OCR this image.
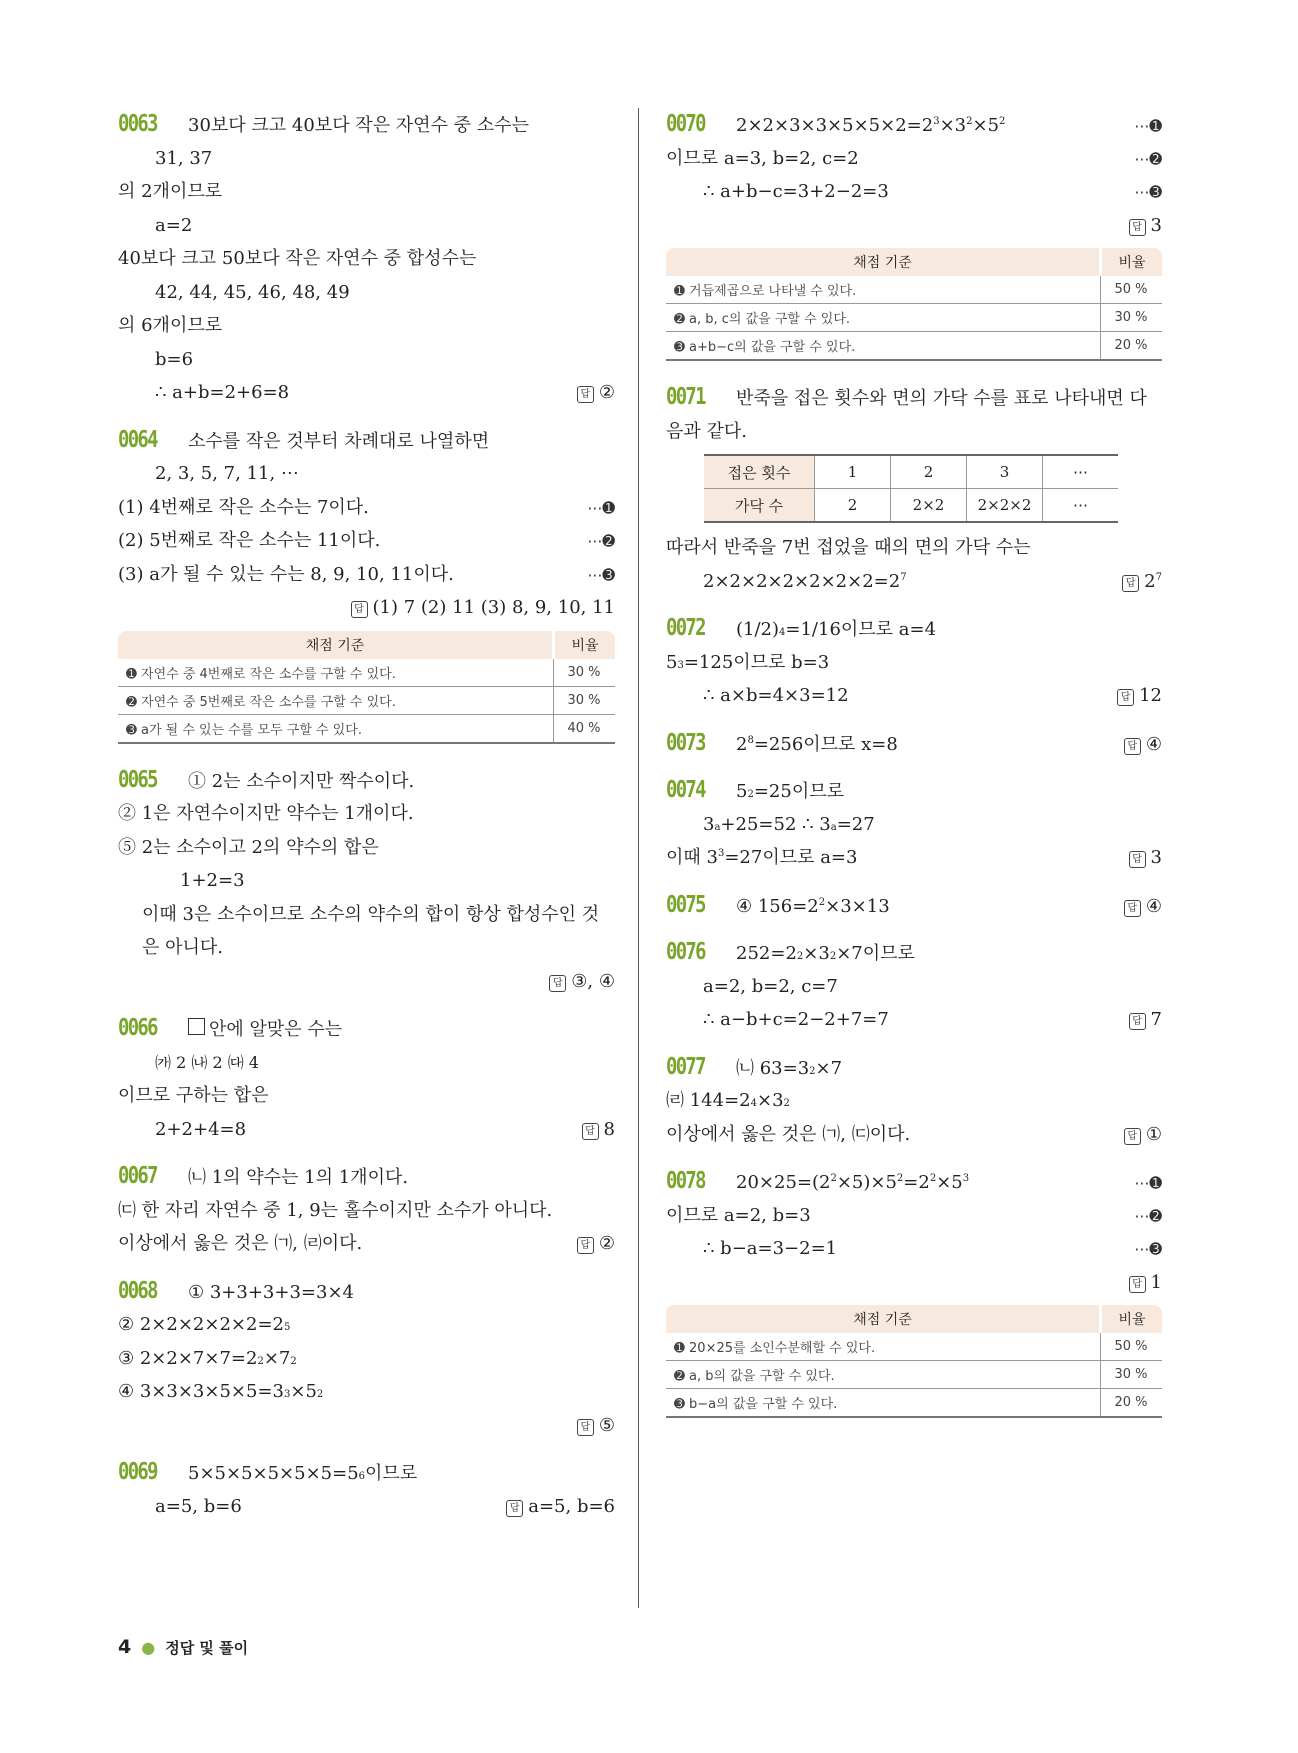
0063	30보다 크고 40보다 작은 자연수 중 소수는
31, 37
의 2개이므로
a=2
40보다 크고 50보다 작은 자연수 중 합성수는
42, 44, 45, 46, 48, 49
의 6개이므로
b=6
∴ a+b=2+6=8	답 ②
0064	소수를 작은 것부터 차례대로 나열하면
2, 3, 5, 7, 11, ⋯
(1) 4번째로 작은 소수는 7이다.	⋯➊
(2) 5번째로 작은 소수는 11이다.	⋯➋
(3) a가 될 수 있는 수는 8, 9, 10, 11이다.	⋯➌
답 (1) 7 (2) 11 (3) 8, 9, 10, 11
채점 기준	비율
➊ 자연수 중 4번째로 작은 소수를 구할 수 있다.	30 %
➋ 자연수 중 5번째로 작은 소수를 구할 수 있다.	30 %
➌ a가 될 수 있는 수를 모두 구할 수 있다.	40 %
0065	① 2는 소수이지만 짝수이다.
② 1은 자연수이지만 약수는 1개이다.
⑤ 2는 소수이고 2의 약수의 합은
1+2=3
이때 3은 소수이므로 소수의 약수의 합이 항상 합성수인 것
은 아니다.
답 ③, ④
0066	안에 알맞은 수는
㈎ 2 ㈏ 2 ㈐ 4
이므로 구하는 합은
2+2+4=8	답 8
0067	㈁ 1의 약수는 1의 1개이다.
㈂ 한 자리 자연수 중 1, 9는 홀수이지만 소수가 아니다.
이상에서 옳은 것은 ㈀, ㈃이다.	답 ②
0068	① 3+3+3+3=3×4
② 2×2×2×2×2=2 5
③ 2×2×7×7=2 2 ×7 2
④ 3×3×3×5×5=3 3 ×5 2
답 ⑤
0069	5×5×5×5×5×5=5 6 이므로
a=5, b=6	답 a=5, b=6
0070	$2\times 2\times 3\times 3\times 5\times 5\times 2=2^3\times 3^2\times 5^2$	⋯➊
이므로 a=3, b=2, c=2	⋯➋
∴ a+b−c=3+2−2=3	⋯➌
답 3
채점 기준	비율
➊ 거듭제곱으로 나타낼 수 있다.	50 %
➋ a, b, c의 값을 구할 수 있다.	30 %
➌ a+b−c의 값을 구할 수 있다.	20 %
0071	반죽을 접은 횟수와 면의 가닥 수를 표로 나타내면 다
음과 같다.
접은 횟수	1	2	3	⋯
가닥 수	2	2×2	2×2×2	⋯
따라서 반죽을 7번 접었을 때의 면의 가닥 수는
$2\times 2\times 2\times 2\times 2\times 2\times 2=2^7$
답 $2^7$
0072	(1/2) 4 =1/16이므로 a=4
5 3 =125이므로 b=3
∴ a×b=4×3=12	답 12
0073	$2^8=256$이므로 x=8	답 ④
0074	5 2 =25이므로
3 a +25=52 ∴ 3 a =27
이때 $3^3=27$이므로 a=3	답 3
0075	④ $156=2^2\times 3\times 13$	답 ④
0076	252=2 2 ×3 2 ×7이므로
a=2, b=2, c=7
∴ a−b+c=2−2+7=7	답 7
0077	㈁ 63=3 2 ×7
㈃ 144=2 4 ×3 2
이상에서 옳은 것은 ㈀, ㈂이다.	답 ①
0078	$20\times 25=(2^2\times 5)\times 5^2=2^2\times 5^3$	⋯➊
이므로 a=2, b=3	⋯➋
∴ b−a=3−2=1	⋯➌
답 1
채점 기준	비율
➊ 20×25를 소인수분해할 수 있다.	50 %
➋ a, b의 값을 구할 수 있다.	30 %
➌ b−a의 값을 구할 수 있다.	20 %
4 ● 정답 및 풀이
